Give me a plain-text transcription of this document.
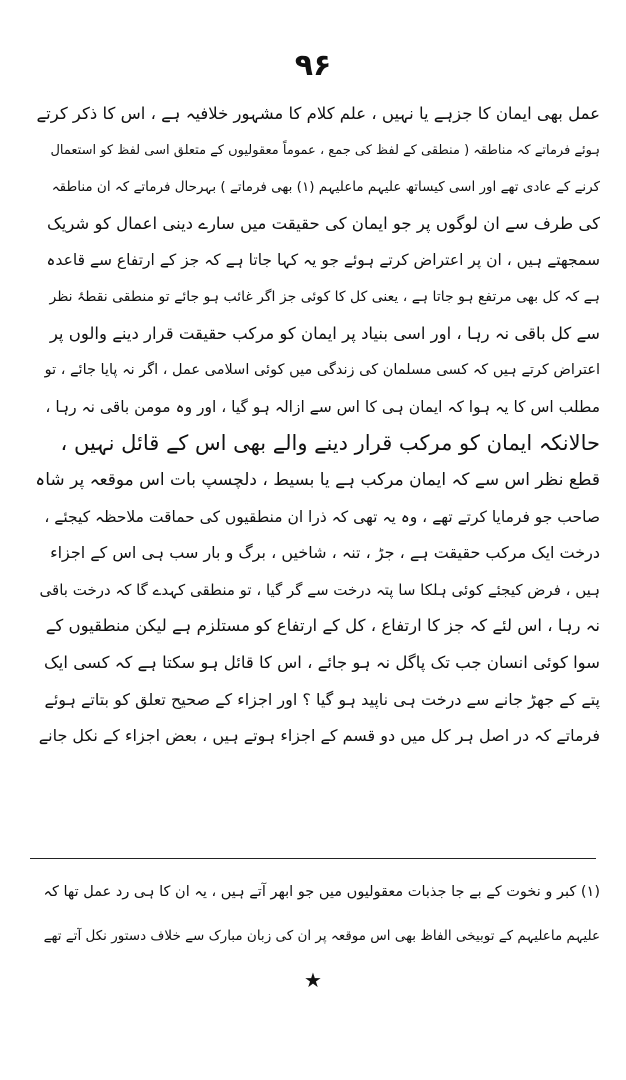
۹۶
عمل بھی ایمان کا جزہے یا نہیں ، علم کلام کا مشہور خلافیہ ہے ، اس کا ذکر کرتے
ہوئے فرماتے کہ مناطقہ ( منطقی کے لفظ کی جمع ، عموماً معقولیوں کے متعلق اسی لفظ کو استعمال
کرنے کے عادی تھے اور اسی کیساتھ علیہم ماعلیہم (۱) بھی فرماتے ) بہرحال فرماتے کہ ان مناطقہ
کی طرف سے ان لوگوں پر جو ایمان کی حقیقت میں سارے دینی اعمال کو شریک
سمجھتے ہیں ، ان پر اعتراض کرتے ہوئے جو یہ کہا جاتا ہے کہ جز کے ارتفاع سے قاعدہ
ہے کہ کل بھی مرتفع ہو جاتا ہے ، یعنی کل کا کوئی جز اگر غائب ہو جائے تو منطقی نقطۂ نظر
سے کل باقی نہ رہا ، اور اسی بنیاد پر ایمان کو مرکب حقیقت قرار دینے والوں پر
اعتراض کرتے ہیں کہ کسی مسلمان کی زندگی میں کوئی اسلامی عمل ، اگر نہ پایا جائے ، تو
مطلب اس کا یہ ہوا کہ ایمان ہی کا اس سے ازالہ ہو گیا ، اور وہ مومن باقی نہ رہا ،
حالانکہ ایمان کو مرکب قرار دینے والے بھی اس کے قائل نہیں ،
قطع نظر اس سے کہ ایمان مرکب ہے یا بسیط ، دلچسپ بات اس موقعہ پر شاہ
صاحب جو فرمایا کرتے تھے ، وہ یہ تھی کہ ذرا ان منطقیوں کی حماقت ملاحظہ کیجئے ،
درخت ایک مرکب حقیقت ہے ، جڑ ، تنہ ، شاخیں ، برگ و بار سب ہی اس کے اجزاء
ہیں ، فرض کیجئے کوئی ہلکا سا پتہ درخت سے گر گیا ، تو منطقی کہدے گا کہ درخت باقی
نہ رہا ، اس لئے کہ جز کا ارتفاع ، کل کے ارتفاع کو مستلزم ہے لیکن منطقیوں کے
سوا کوئی انسان جب تک پاگل نہ ہو جائے ، اس کا قائل ہو سکتا ہے کہ کسی ایک
پتے کے جھڑ جانے سے درخت ہی ناپید ہو گیا ؟ اور اجزاء کے صحیح تعلق کو بتاتے ہوئے
فرماتے کہ در اصل ہر کل میں دو قسم کے اجزاء ہوتے ہیں ، بعض اجزاء کے نکل جانے
(۱) کبر و نخوت کے بے جا جذبات معقولیوں میں جو ابھر آتے ہیں ، یہ ان کا ہی رد عمل تھا کہ
علیہم ماعلیہم کے توبیخی الفاظ بھی اس موقعہ پر ان کی زبان مبارک سے خلاف دستور نکل آتے تھے
★
